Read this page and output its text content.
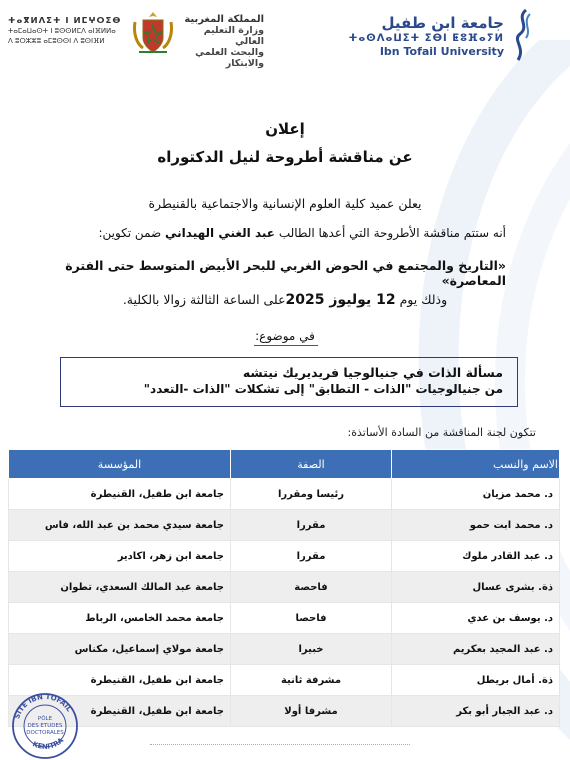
جامعة ابن طفيل
ⵜⴰⵙⴷⴰⵡⵉⵜ ⵉⴱⵏ ⵟⵓⴼⴰⵢⵍ
Ibn Tofail University
المملكة المغربية
وزارة التعليم العالي
والبحث العلمي والابتكار
ⵜⴰⴳⵍⴷⵉⵜ ⵏ ⵍⵎⵖⵔⵉⴱ
ⵜⴰⵎⴰⵡⴰⵙⵜ ⵏ ⵓⵙⵙⵍⵎⴷ ⴰⵏⴼⵍⵍⴰ
ⴷ ⵓⵔⵣⵣⵓ ⴰⵎⵓⵙⵙⵏ ⴷ ⵓⵙⵏⴼⵍ
إعلان
عن مناقشة أطروحة لنيل الدكتوراه
يعلن عميد كلية العلوم الإنسانية والاجتماعية بالقنيطرة
أنه ستتم مناقشة الأطروحة التي أعدها الطالب عبد الغني الهيداني ضمن تكوين:
«التاريخ والمجتمع في الحوض الغربي للبحر الأبيض المتوسط حتى الفترة المعاصرة»
وذلك يوم 12 يوليوز 2025على الساعة الثالثة زوالا بالكلية.
في موضوع:
مسألة الذات في جنيالوجيا فريديريك نيتشه
من جنيالوجيات "الذات - التطابق" إلى تشكلات "الذات -التعدد"
تتكون لجنة المناقشة من السادة الأساتذة:
الاسم والنسب	الصفة	المؤسسة
د. محمد مزيان	رئيسا ومقررا	جامعة ابن طفيل، القنيطرة
د. محمد ابت حمو	مقررا	جامعة سيدي محمد بن عبد الله، فاس
د. عبد القادر ملوك	مقررا	جامعة ابن زهر، اكادير
ذة. بشرى عسال	فاحصة	جامعة عبد المالك السعدي، تطوان
د. يوسف بن عدي	فاحصا	جامعة محمد الخامس، الرباط
د. عبد المجيد بعكريم	خبيرا	جامعة مولاي إسماعيل، مكناس
ذة. أمال بريطل	مشرفة ثانية	جامعة ابن طفيل، القنيطرة
د. عبد الجبار أبو بكر	مشرفا أولا	جامعة ابن طفيل، القنيطرة
SITE IBN TOFAIL
KENITRA
PÔLE
DES ETUDES
DOCTORALES
